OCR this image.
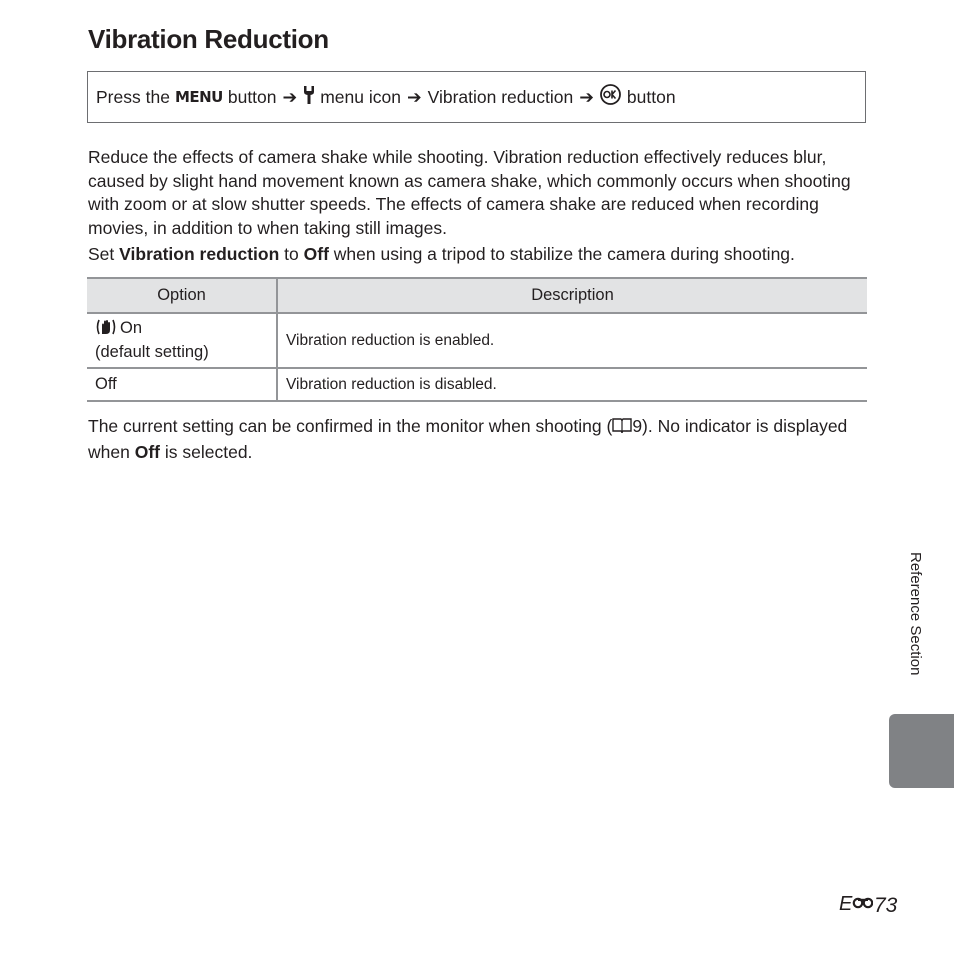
Vibration Reduction
Press the MENU button ➔ menu icon ➔ Vibration reduction ➔ button
Reduce the effects of camera shake while shooting. Vibration reduction effectively reduces blur, caused by slight hand movement known as camera shake, which commonly occurs when shooting with zoom or at slow shutter speeds. The effects of camera shake are reduced when recording movies, in addition to when taking still images.
Set Vibration reduction to Off when using a tripod to stabilize the camera during shooting.
Option	Description
On
(default setting)	Vibration reduction is enabled.
Off	Vibration reduction is disabled.
The current setting can be confirmed in the monitor when shooting ( 9). No indicator is displayed when Off is selected.
Reference Section
E 73
